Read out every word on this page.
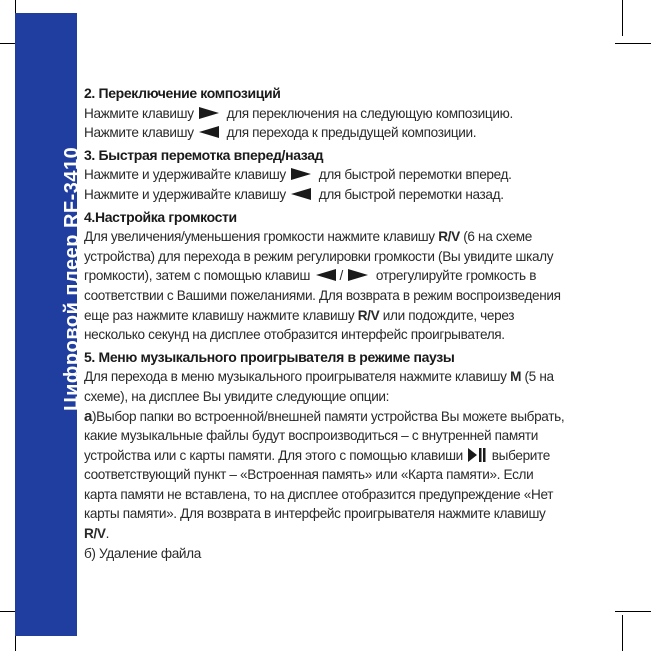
Цифровой плеер RF-3410

2. Переключение композиций

Нажмите клавишу для переключения на следующую композицию.

Нажмите клавишу для перехода к предыдущей композиции.

3. Быстрая перемотка вперед/назад

Нажмите и удерживайте клавишу для быстрой перемотки вперед.

Нажмите и удерживайте клавишу для быстрой перемотки назад.

4.Настройка громкости

Для увеличения/уменьшения громкости нажмите клавишу R/V (6 на схеме устройства) для перехода в режим регулировки громкости (Вы увидите шкалу громкости), затем с помощью клавиш / отрегулируйте громкость в соответствии с Вашими пожеланиями. Для возврата в режим воспроизведения еще раз нажмите клавишу нажмите клавишу R/V или подождите, через несколько секунд на дисплее отобразится интерфейс проигрывателя.

5. Меню музыкального проигрывателя в режиме паузы

Для перехода в меню музыкального проигрывателя нажмите клавишу M (5 на схеме), на дисплее Вы увидите следующие опции:

а)Выбор папки во встроенной/внешней памяти устройства Вы можете выбрать, какие музыкальные файлы будут воспроизводиться – с внутренней памяти устройства или с карты памяти. Для этого с помощью клавиши выберите соответствующий пункт – «Встроенная память» или «Карта памяти». Если карта памяти не вставлена, то на дисплее отобразится предупреждение «Нет карты памяти». Для возврата в интерфейс проигрывателя нажмите клавишу R/V.

б) Удаление файла
